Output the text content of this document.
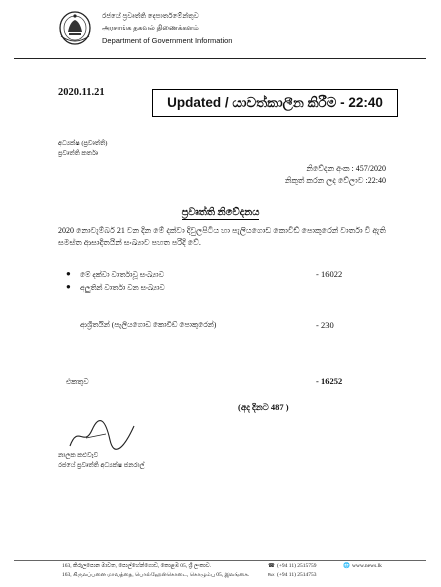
රජයේ ප්‍රවෘත්ති දෙපාර්තමේන්තුව
அரசாங்க தகவல் திணைக்களம்
Department of Government Information
2020.11.21
Updated / යාවත්කාලීන කිරීම - 22:40
අධ්‍යක්ෂ (ප්‍රවෘත්ති)
ප්‍රවෘත්ති කර්තෘ
නිවේදන අංක : 457/2020
නිකුත් කරන ලද වේලාව :22:40
ප්‍රවෘත්ති නිවේදනය
2020 නොවැම්බර් 21 වන දින මේ දක්වා දිවුලපිටිය හා පැලියගොඩ කොවිඩ් පොකුරෙන් වාර්තා වී ඇති සමස්ත ආසාදිතයින් සංඛ්‍යාව පහත පරිදි වේ.
● මේ දක්වා වාර්තාවූ සංඛ්‍යාව	- 16022
● අලුතින් වාර්තා වන සංඛ්‍යාව
ආශ්‍රිතයින් (පැලියගොඩ කොවිඩ් පොකුරෙන්)	- 230
එකතුව	- 16252
(අද දිනට 487 )
නාලක කළුවැව
රජයේ ප්‍රවෘත්ති අධ්‍යක්ෂ ජනරාල්
163, කිරුලපොන මාවත, පොල්හේන්ගොඩ, කොළඹ 05, ශ්‍රී ලංකාව.
163, கிருலப்பனை மாவத்தை, பொல்ஹேன்கொடை, கொழும்பு 05, இலங்கை.
☎ (+94 11) 2515759
℻ (+94 11) 2514753
🌐 www.news.lk
